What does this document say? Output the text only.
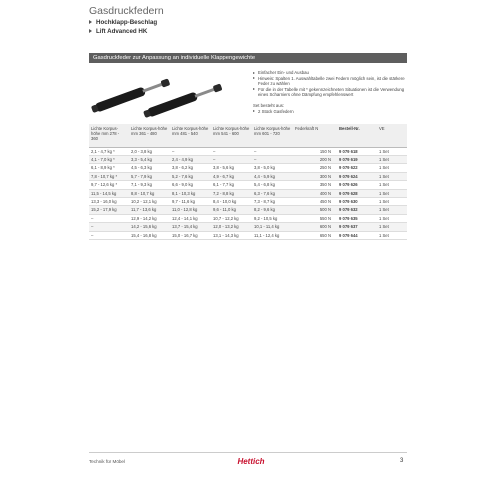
Gasdruckfedern
Hochklapp-Beschlag
Lift Advanced HK
Gasdruckfeder zur Anpassung an individuelle Klappengewichte
Einfacher Ein- und Ausbau
Hinweis: Spalten 1. Auswahltabelle zwei Federn möglich sein, ist die stärkere Feder zu wählen
Für die in der Tabelle mit * gekennzeichneten Situationen ist die Verwendung eines Scharniers ohne Dämpfung empfehlenswert
Set besteht aus:
2 Stück Gasfedern
Lichte Korpus-höhe mm 278 - 360	Lichte Korpus-höhe mm 361 - 480	Lichte Korpus-höhe mm 481 - 540	Lichte Korpus-höhe mm 541 - 600	Lichte Korpus-höhe mm 601 - 720	Federkraft N	Bestell-Nr.	VE
2,1 - 4,7 kg *	2,0 - 3,8 kg	–	–	–	150 N	9 079 618	1 Set
4,1 - 7,0 kg *	3,3 - 5,4 kg	2,4 - 4,9 kg	–	–	200 N	9 079 619	1 Set
6,1 - 8,9 kg *	4,5 - 6,3 kg	3,8 - 6,2 kg	3,8 - 5,6 kg	3,8 - 5,0 kg	250 N	9 079 622	1 Set
7,8 - 10,7 kg *	5,7 - 7,9 kg	5,2 - 7,6 kg	4,9 - 6,7 kg	4,4 - 5,9 kg	300 N	9 079 624	1 Set
9,7 - 12,6 kg *	7,1 - 9,3 kg	6,6 - 9,0 kg	6,1 - 7,7 kg	5,4 - 6,8 kg	350 N	9 079 626	1 Set
11,5 - 14,5 kg	8,8 - 10,7 kg	8,1 - 10,3 kg	7,2 - 8,8 kg	6,3 - 7,6 kg	400 N	9 079 628	1 Set
13,3 - 16,0 kg	10,2 - 12,1 kg	9,7 - 11,6 kg	8,4 - 10,0 kg	7,3 - 8,7 kg	450 N	9 079 630	1 Set
15,2 - 17,9 kg	11,7 - 13,6 kg	11,0 - 12,8 kg	9,6 - 11,0 kg	8,2 - 9,6 kg	500 N	9 079 632	1 Set
–	12,9 - 14,2 kg	12,4 - 14,1 kg	10,7 - 12,2 kg	9,2 - 10,5 kg	550 N	9 079 635	1 Set
–	14,2 - 15,6 kg	13,7 - 15,4 kg	12,0 - 13,2 kg	10,1 - 11,4 kg	600 N	9 079 637	1 Set
–	15,4 - 16,8 kg	15,0 - 16,7 kg	13,1 - 14,3 kg	11,1 - 12,4 kg	650 N	9 079 644	1 Set
Technik für Möbel	Hettich	3
